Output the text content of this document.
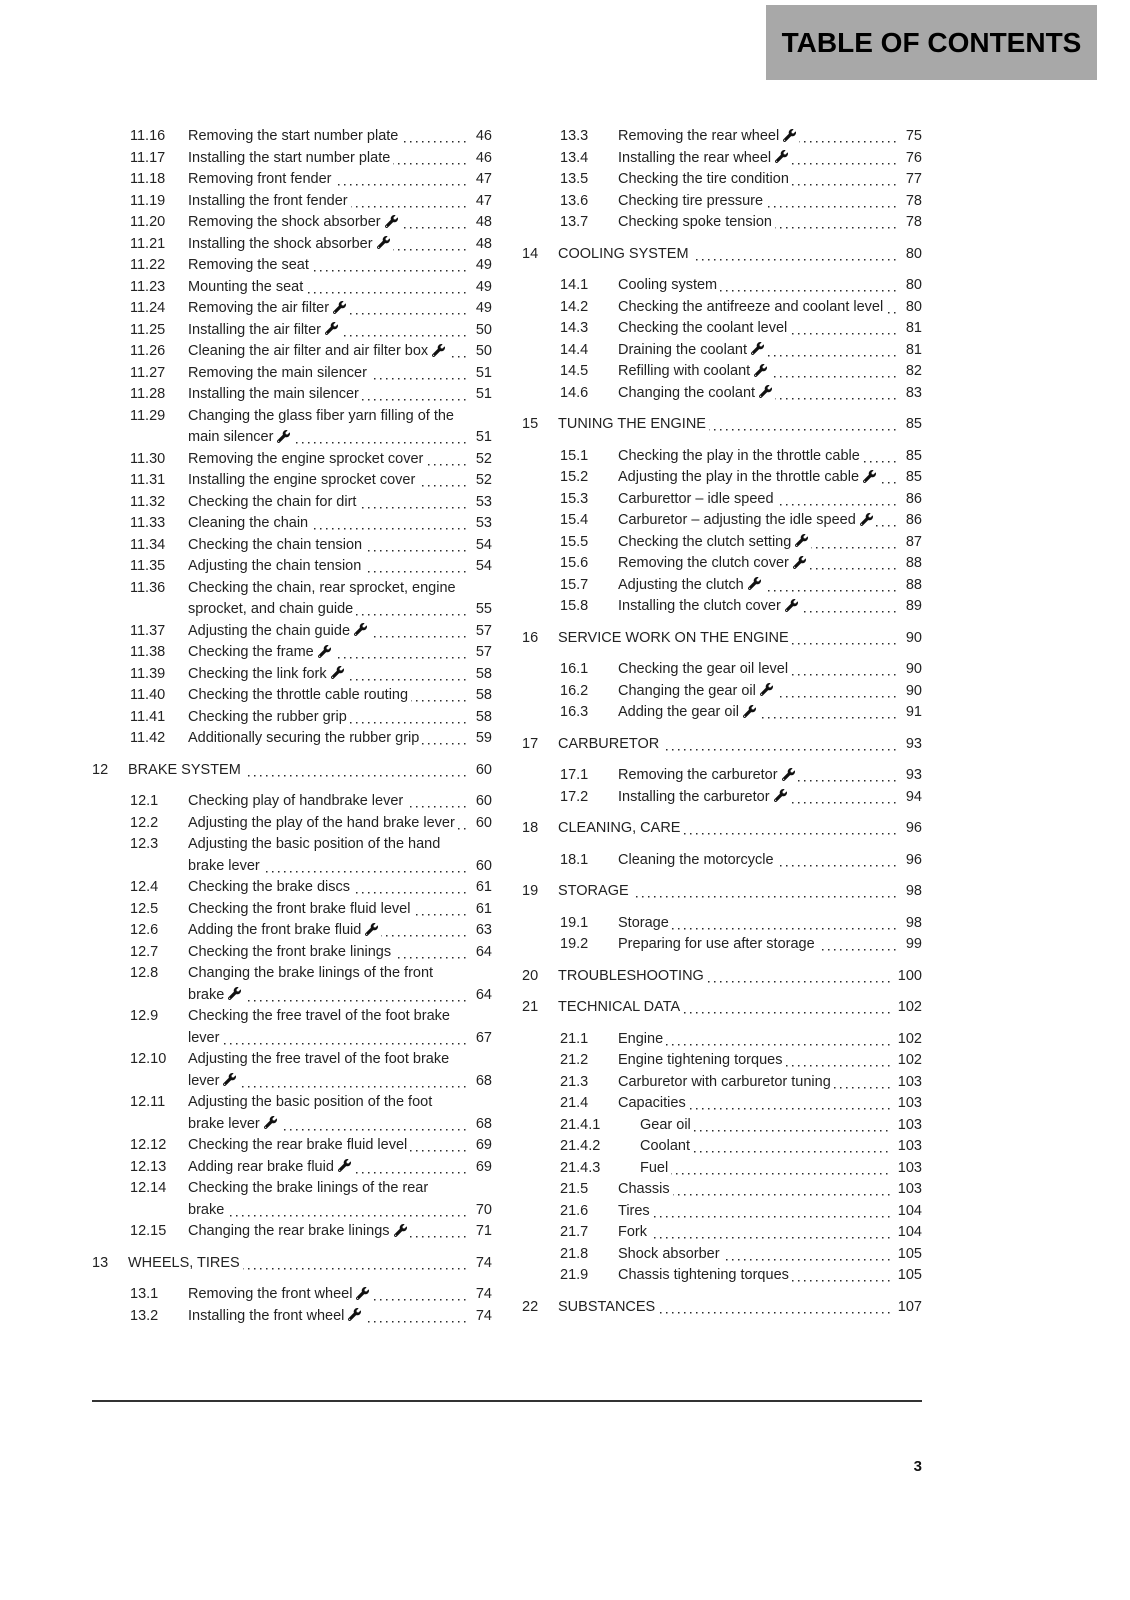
TABLE OF CONTENTS
11.16	Removing the start number plate	46
11.17	Installing the start number plate	46
11.18	Removing front fender	47
11.19	Installing the front fender	47
11.20	Removing the shock absorber	48
11.21	Installing the shock absorber	48
11.22	Removing the seat	49
11.23	Mounting the seat	49
11.24	Removing the air filter	49
11.25	Installing the air filter	50
11.26	Cleaning the air filter and air filter box	50
11.27	Removing the main silencer	51
11.28	Installing the main silencer	51
11.29	Changing the glass fiber yarn filling of the main silencer	51
11.30	Removing the engine sprocket cover	52
11.31	Installing the engine sprocket cover	52
11.32	Checking the chain for dirt	53
11.33	Cleaning the chain	53
11.34	Checking the chain tension	54
11.35	Adjusting the chain tension	54
11.36	Checking the chain, rear sprocket, engine sprocket, and chain guide	55
11.37	Adjusting the chain guide	57
11.38	Checking the frame	57
11.39	Checking the link fork	58
11.40	Checking the throttle cable routing	58
11.41	Checking the rubber grip	58
11.42	Additionally securing the rubber grip	59
12	BRAKE SYSTEM	60
12.1	Checking play of handbrake lever	60
12.2	Adjusting the play of the hand brake lever	60
12.3	Adjusting the basic position of the hand brake lever	60
12.4	Checking the brake discs	61
12.5	Checking the front brake fluid level	61
12.6	Adding the front brake fluid	63
12.7	Checking the front brake linings	64
12.8	Changing the brake linings of the front brake	64
12.9	Checking the free travel of the foot brake lever	67
12.10	Adjusting the free travel of the foot brake lever	68
12.11	Adjusting the basic position of the foot brake lever	68
12.12	Checking the rear brake fluid level	69
12.13	Adding rear brake fluid	69
12.14	Checking the brake linings of the rear brake	70
12.15	Changing the rear brake linings	71
13	WHEELS, TIRES	74
13.1	Removing the front wheel	74
13.2	Installing the front wheel	74
13.3	Removing the rear wheel	75
13.4	Installing the rear wheel	76
13.5	Checking the tire condition	77
13.6	Checking tire pressure	78
13.7	Checking spoke tension	78
14	COOLING SYSTEM	80
14.1	Cooling system	80
14.2	Checking the antifreeze and coolant level	80
14.3	Checking the coolant level	81
14.4	Draining the coolant	81
14.5	Refilling with coolant	82
14.6	Changing the coolant	83
15	TUNING THE ENGINE	85
15.1	Checking the play in the throttle cable	85
15.2	Adjusting the play in the throttle cable	85
15.3	Carburettor – idle speed	86
15.4	Carburetor – adjusting the idle speed	86
15.5	Checking the clutch setting	87
15.6	Removing the clutch cover	88
15.7	Adjusting the clutch	88
15.8	Installing the clutch cover	89
16	SERVICE WORK ON THE ENGINE	90
16.1	Checking the gear oil level	90
16.2	Changing the gear oil	90
16.3	Adding the gear oil	91
17	CARBURETOR	93
17.1	Removing the carburetor	93
17.2	Installing the carburetor	94
18	CLEANING, CARE	96
18.1	Cleaning the motorcycle	96
19	STORAGE	98
19.1	Storage	98
19.2	Preparing for use after storage	99
20	TROUBLESHOOTING	100
21	TECHNICAL DATA	102
21.1	Engine	102
21.2	Engine tightening torques	102
21.3	Carburetor with carburetor tuning	103
21.4	Capacities	103
21.4.1	Gear oil	103
21.4.2	Coolant	103
21.4.3	Fuel	103
21.5	Chassis	103
21.6	Tires	104
21.7	Fork	104
21.8	Shock absorber	105
21.9	Chassis tightening torques	105
22	SUBSTANCES	107
3
